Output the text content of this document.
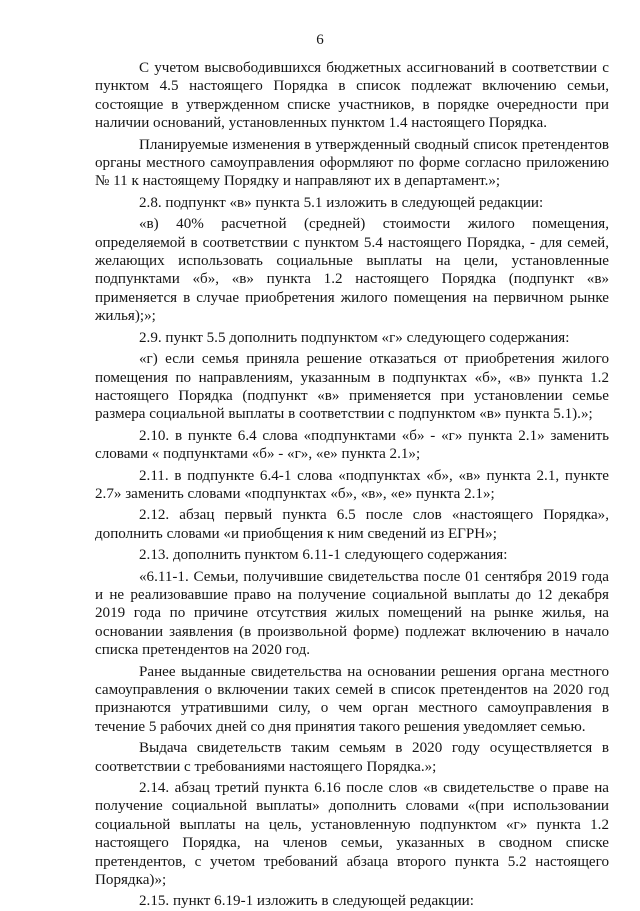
6

С учетом высвободившихся бюджетных ассигнований в соответствии с пунктом 4.5 настоящего Порядка в список подлежат включению семьи, состоящие в утвержденном списке участников, в порядке очередности при наличии оснований, установленных пунктом 1.4 настоящего Порядка.

Планируемые изменения в утвержденный сводный список претендентов органы местного самоуправления оформляют по форме согласно приложению № 11 к настоящему Порядку и направляют их в департамент.»;

2.8. подпункт «в» пункта 5.1 изложить в следующей редакции:

«в) 40% расчетной (средней) стоимости жилого помещения, определяемой в соответствии с пунктом 5.4 настоящего Порядка, - для семей, желающих использовать социальные выплаты на цели, установленные подпунктами «б», «в» пункта 1.2 настоящего Порядка (подпункт «в» применяется в случае приобретения жилого помещения на первичном рынке жилья);»;

2.9. пункт 5.5 дополнить подпунктом «г» следующего содержания:

«г) если семья приняла решение отказаться от приобретения жилого помещения по направлениям, указанным в подпунктах «б», «в» пункта 1.2 настоящего Порядка (подпункт «в» применяется при установлении семье размера социальной выплаты в соответствии с подпунктом «в» пункта 5.1).»;

2.10. в пункте 6.4 слова «подпунктами «б» - «г» пункта 2.1» заменить словами « подпунктами «б» - «г», «е» пункта 2.1»;

2.11. в подпункте 6.4-1 слова «подпунктах «б», «в» пункта 2.1, пункте 2.7» заменить словами «подпунктах «б», «в», «е» пункта 2.1»;

2.12. абзац первый пункта 6.5 после слов «настоящего Порядка», дополнить словами «и приобщения к ним сведений из ЕГРН»;

2.13. дополнить пунктом 6.11-1 следующего содержания:

«6.11-1. Семьи, получившие свидетельства после 01 сентября 2019 года и не реализовавшие право на получение социальной выплаты до 12 декабря 2019 года по причине отсутствия жилых помещений на рынке жилья, на основании заявления (в произвольной форме) подлежат включению в начало списка претендентов на 2020 год.

Ранее выданные свидетельства на основании решения органа местного самоуправления о включении таких семей в список претендентов на 2020 год признаются утратившими силу, о чем орган местного самоуправления в течение 5 рабочих дней со дня принятия такого решения уведомляет семью.

Выдача свидетельств таким семьям в 2020 году осуществляется в соответствии с требованиями настоящего Порядка.»;

2.14. абзац третий пункта 6.16 после слов «в свидетельстве о праве на получение социальной выплаты» дополнить словами «(при использовании социальной выплаты на цель, установленную подпунктом «г» пункта 1.2 настоящего Порядка, на членов семьи, указанных в сводном списке претендентов, с учетом требований абзаца второго пункта 5.2 настоящего Порядка)»;

2.15. пункт 6.19-1 изложить в следующей редакции:
